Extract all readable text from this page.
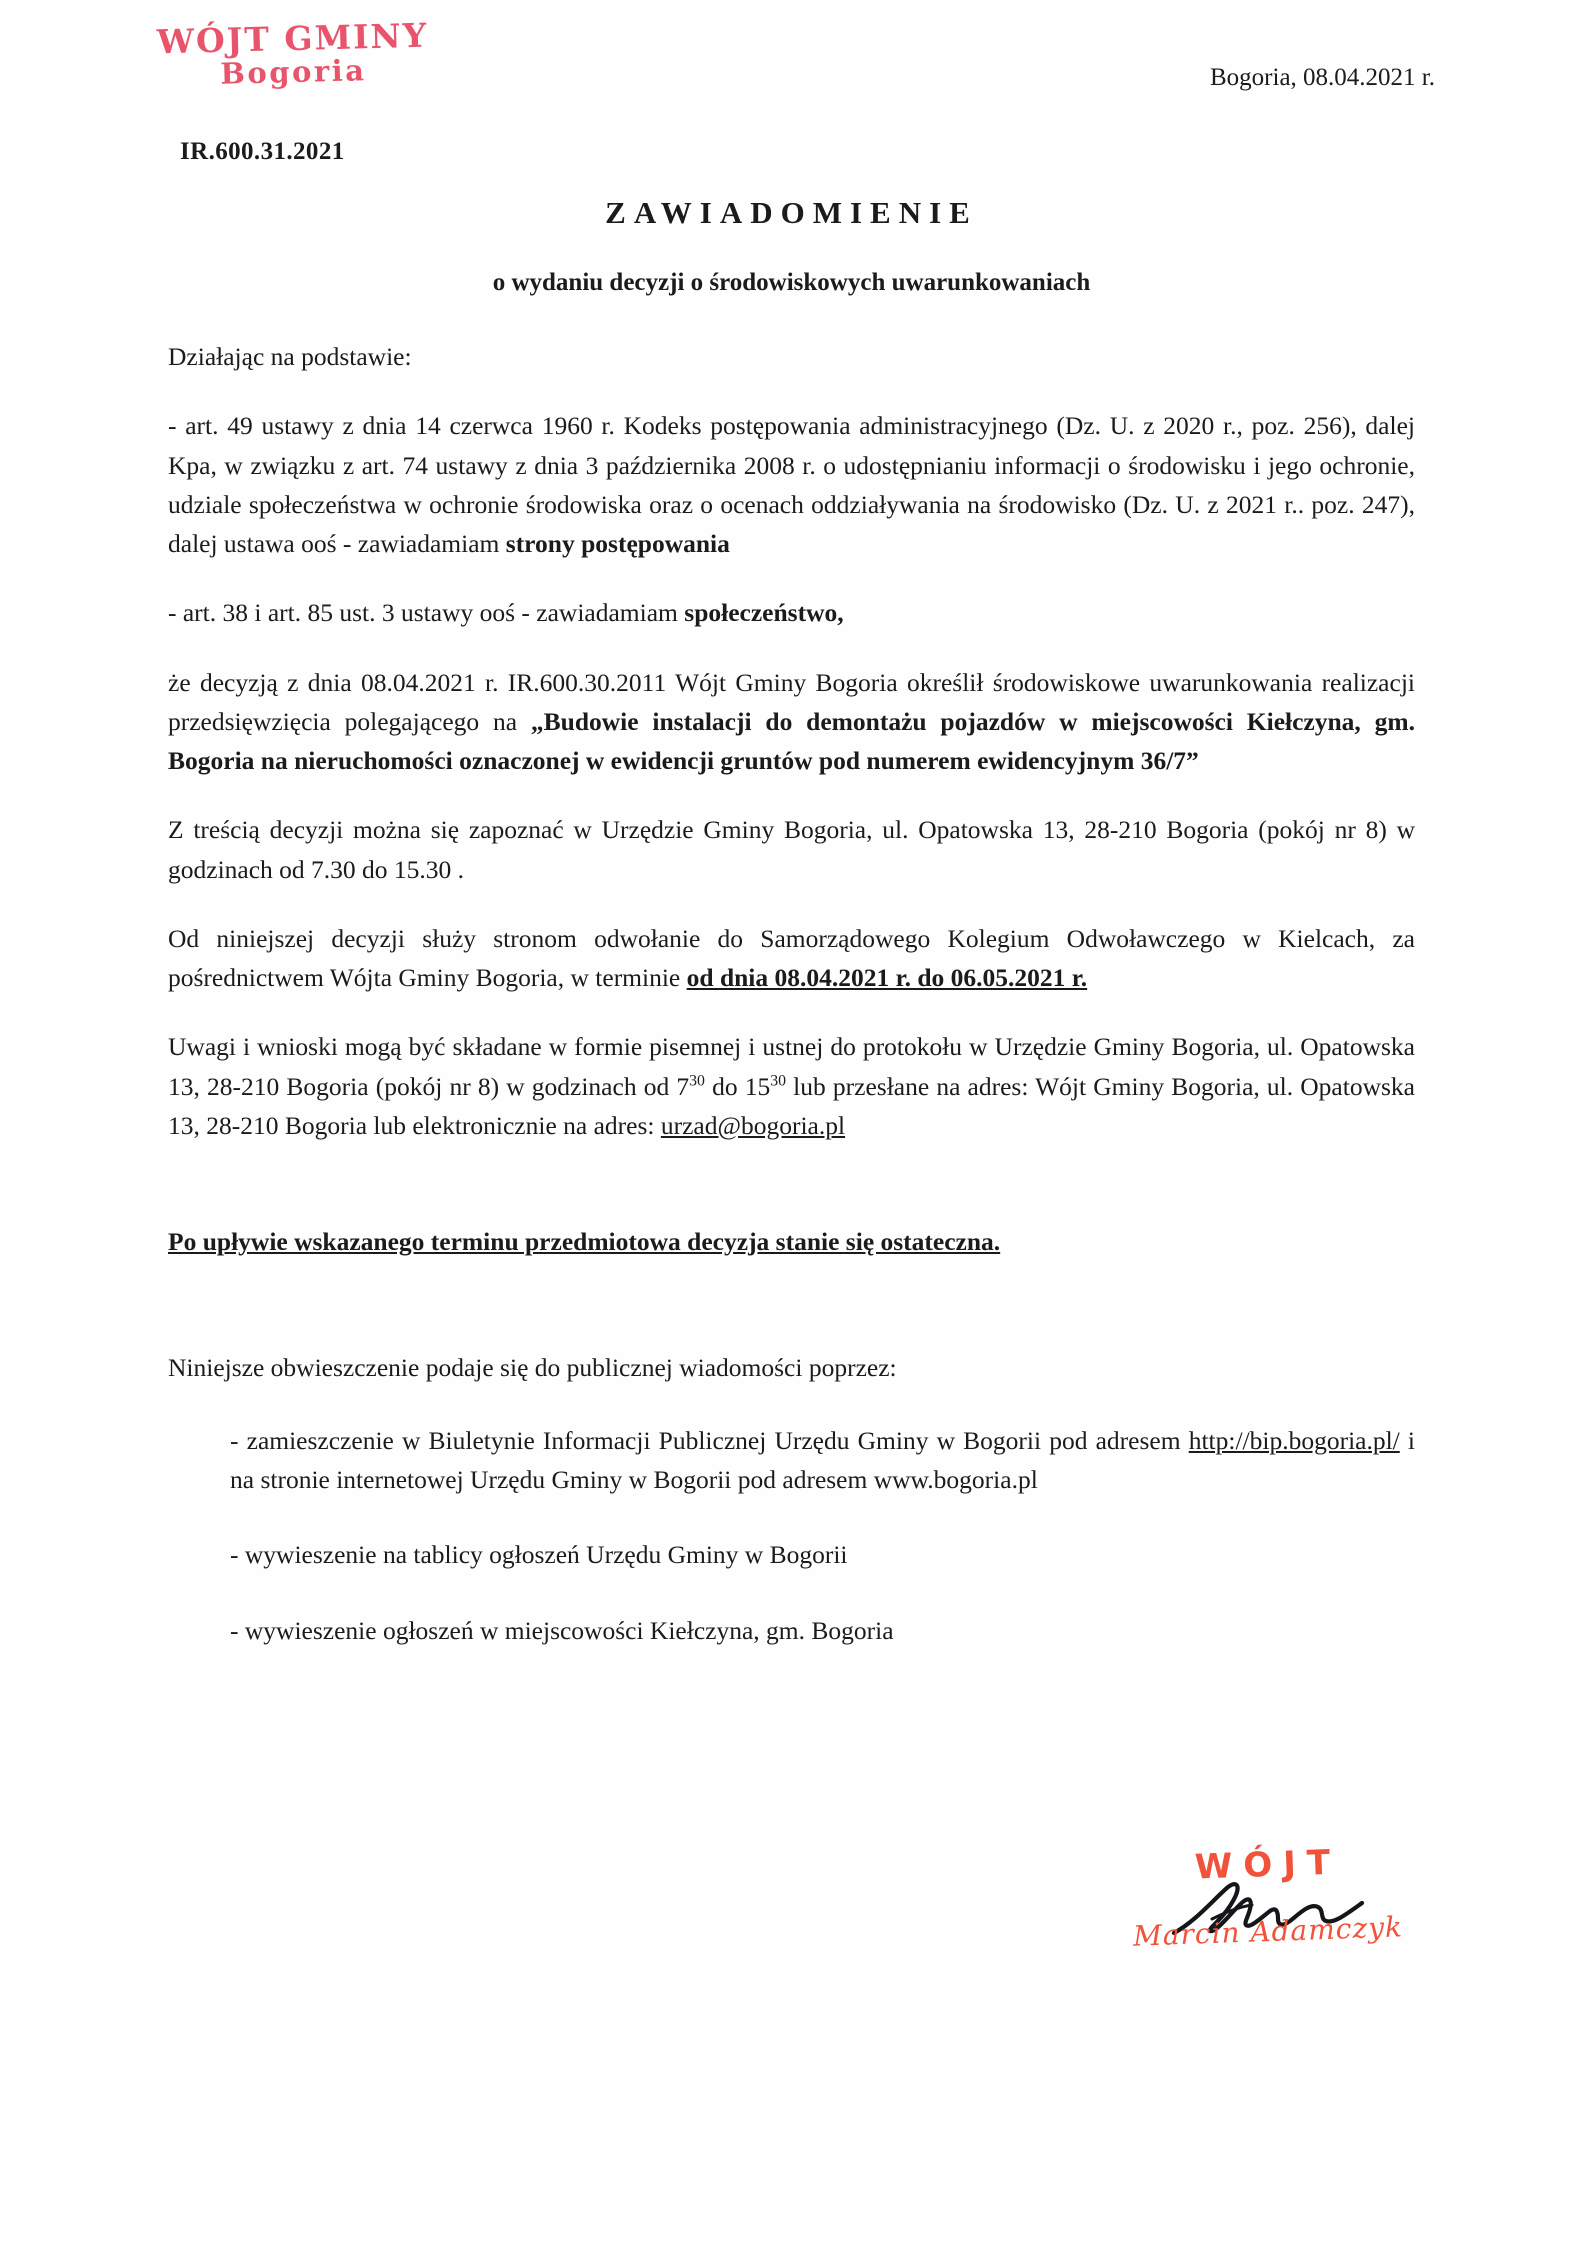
WÓJT GMINY
Bogoria	Bogoria, 08.04.2021 r.
IR.600.31.2021
ZAWIADOMIENIE
o wydaniu decyzji o środowiskowych uwarunkowaniach

Działając na podstawie:

- art. 49 ustawy z dnia 14 czerwca 1960 r. Kodeks postępowania administracyjnego (Dz. U. z 2020 r., poz. 256), dalej Kpa, w związku z art. 74 ustawy z dnia 3 października 2008 r. o udostępnianiu informacji o środowisku i jego ochronie, udziale społeczeństwa w ochronie środowiska oraz o ocenach oddziaływania na środowisko (Dz. U. z 2021 r.. poz. 247), dalej ustawa ooś - zawiadamiam strony postępowania

- art. 38 i art. 85 ust. 3 ustawy ooś - zawiadamiam społeczeństwo,

że decyzją z dnia 08.04.2021 r. IR.600.30.2011 Wójt Gminy Bogoria określił środowiskowe uwarunkowania realizacji przedsięwzięcia polegającego na „Budowie instalacji do demontażu pojazdów w miejscowości Kiełczyna, gm. Bogoria na nieruchomości oznaczonej w ewidencji gruntów pod numerem ewidencyjnym 36/7”

Z treścią decyzji można się zapoznać w Urzędzie Gminy Bogoria, ul. Opatowska 13, 28-210 Bogoria (pokój nr 8) w godzinach od 7.30 do 15.30 .

Od niniejszej decyzji służy stronom odwołanie do Samorządowego Kolegium Odwoławczego w Kielcach, za pośrednictwem Wójta Gminy Bogoria, w terminie od dnia 08.04.2021 r. do 06.05.2021 r.

Uwagi i wnioski mogą być składane w formie pisemnej i ustnej do protokołu w Urzędzie Gminy Bogoria, ul. Opatowska 13, 28-210 Bogoria (pokój nr 8) w godzinach od $7^{30}$ do $15^{30}$ lub przesłane na adres: Wójt Gminy Bogoria, ul. Opatowska 13, 28-210 Bogoria lub elektronicznie na adres: urzad@bogoria.pl

Po upływie wskazanego terminu przedmiotowa decyzja stanie się ostateczna.

Niniejsze obwieszczenie podaje się do publicznej wiadomości poprzez:

- zamieszczenie w Biuletynie Informacji Publicznej Urzędu Gminy w Bogorii pod adresem http://bip.bogoria.pl/ i na stronie internetowej Urzędu Gminy w Bogorii pod adresem www.bogoria.pl
- wywieszenie na tablicy ogłoszeń Urzędu Gminy w Bogorii
- wywieszenie ogłoszeń w miejscowości Kiełczyna, gm. Bogoria
WÓJT
Marcin Adamczyk
